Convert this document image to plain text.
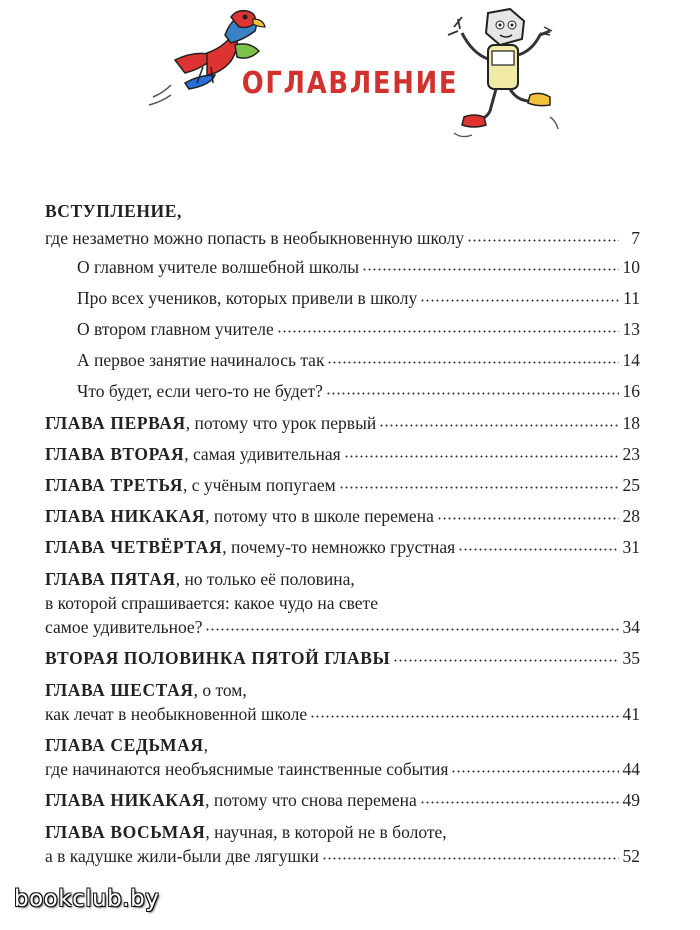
ОГЛАВЛЕНИЕ
ВСТУПЛЕНИЕ,
где незаметно можно попасть в необыкновенную школу	7
О главном учителе волшебной школы	10
Про всех учеников, которых привели в школу	11
О втором главном учителе	13
А первое занятие начиналось так	14
Что будет, если чего-то не будет?	16
ГЛАВА ПЕРВАЯ, потому что урок первый	18
ГЛАВА ВТОРАЯ, самая удивительная	23
ГЛАВА ТРЕТЬЯ, с учёным попугаем	25
ГЛАВА НИКАКАЯ, потому что в школе перемена	28
ГЛАВА ЧЕТВЁРТАЯ, почему-то немножко грустная	31
ГЛАВА ПЯТАЯ, но только её половина,
в которой спрашивается: какое чудо на свете
самое удивительное?	34
ВТОРАЯ ПОЛОВИНКА ПЯТОЙ ГЛАВЫ	35
ГЛАВА ШЕСТАЯ, о том,
как лечат в необыкновенной школе	41
ГЛАВА СЕДЬМАЯ,
где начинаются необъяснимые таинственные события	44
ГЛАВА НИКАКАЯ, потому что снова перемена	49
ГЛАВА ВОСЬМАЯ, научная, в которой не в болоте,
а в кадушке жили-были две лягушки	52
bookclub.by
